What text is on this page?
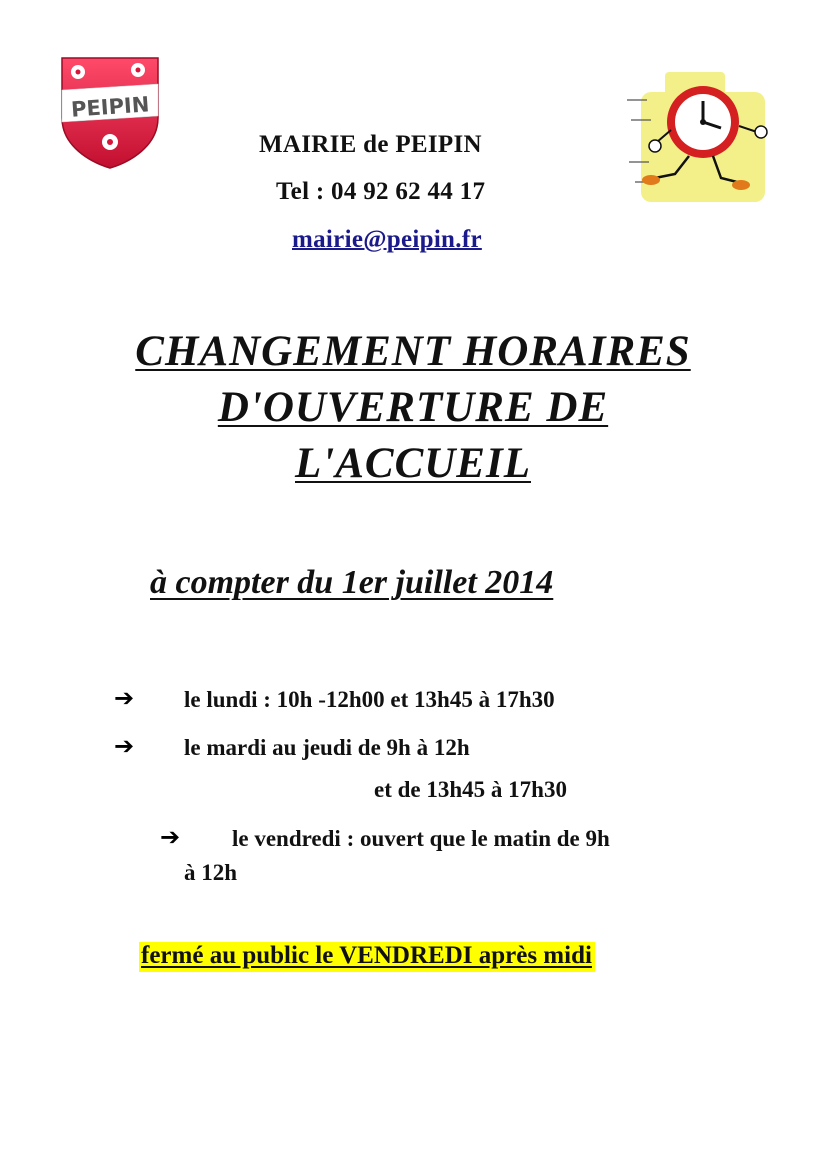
PEIPIN
MAIRIE de PEIPIN
Tel : 04 92 62 44 17
mairie@peipin.fr
CHANGEMENT HORAIRES
D'OUVERTURE DE
L'ACCUEIL
à compter du 1er juillet 2014
➔ le lundi : 10h -12h00 et 13h45 à 17h30
➔ le mardi au jeudi de 9h à 12h
et de 13h45 à 17h30
➔ le vendredi : ouvert que le matin de 9h
à 12h
fermé au public le VENDREDI après midi
